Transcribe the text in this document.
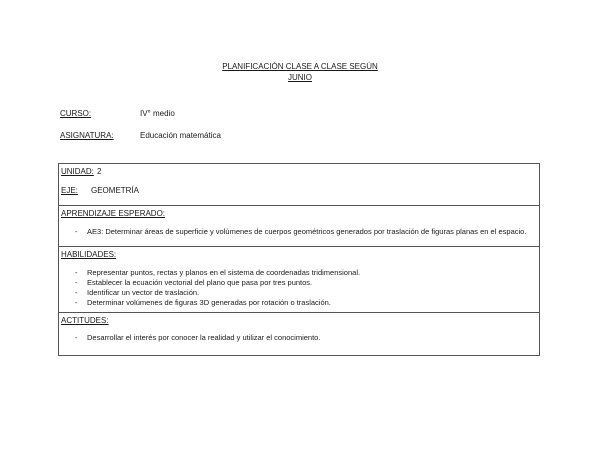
PLANIFICACIÓN CLASE A CLASE SEGÚN
JUNIO
CURSO:	IV° medio
ASIGNATURA:	Educación matemática
UNIDAD: 2
EJE: GEOMETRÍA
APRENDIZAJE ESPERADO:
- AE3: Determinar áreas de superficie y volúmenes de cuerpos geométricos generados por traslación de figuras planas en el espacio.
HABILIDADES:
- Representar puntos, rectas y planos en el sistema de coordenadas tridimensional.
- Establecer la ecuación vectorial del plano que pasa por tres puntos.
- Identificar un vector de traslación.
- Determinar volúmenes de figuras 3D generadas por rotación o traslación.
ACTITUDES:
- Desarrollar el interés por conocer la realidad y utilizar el conocimiento.
